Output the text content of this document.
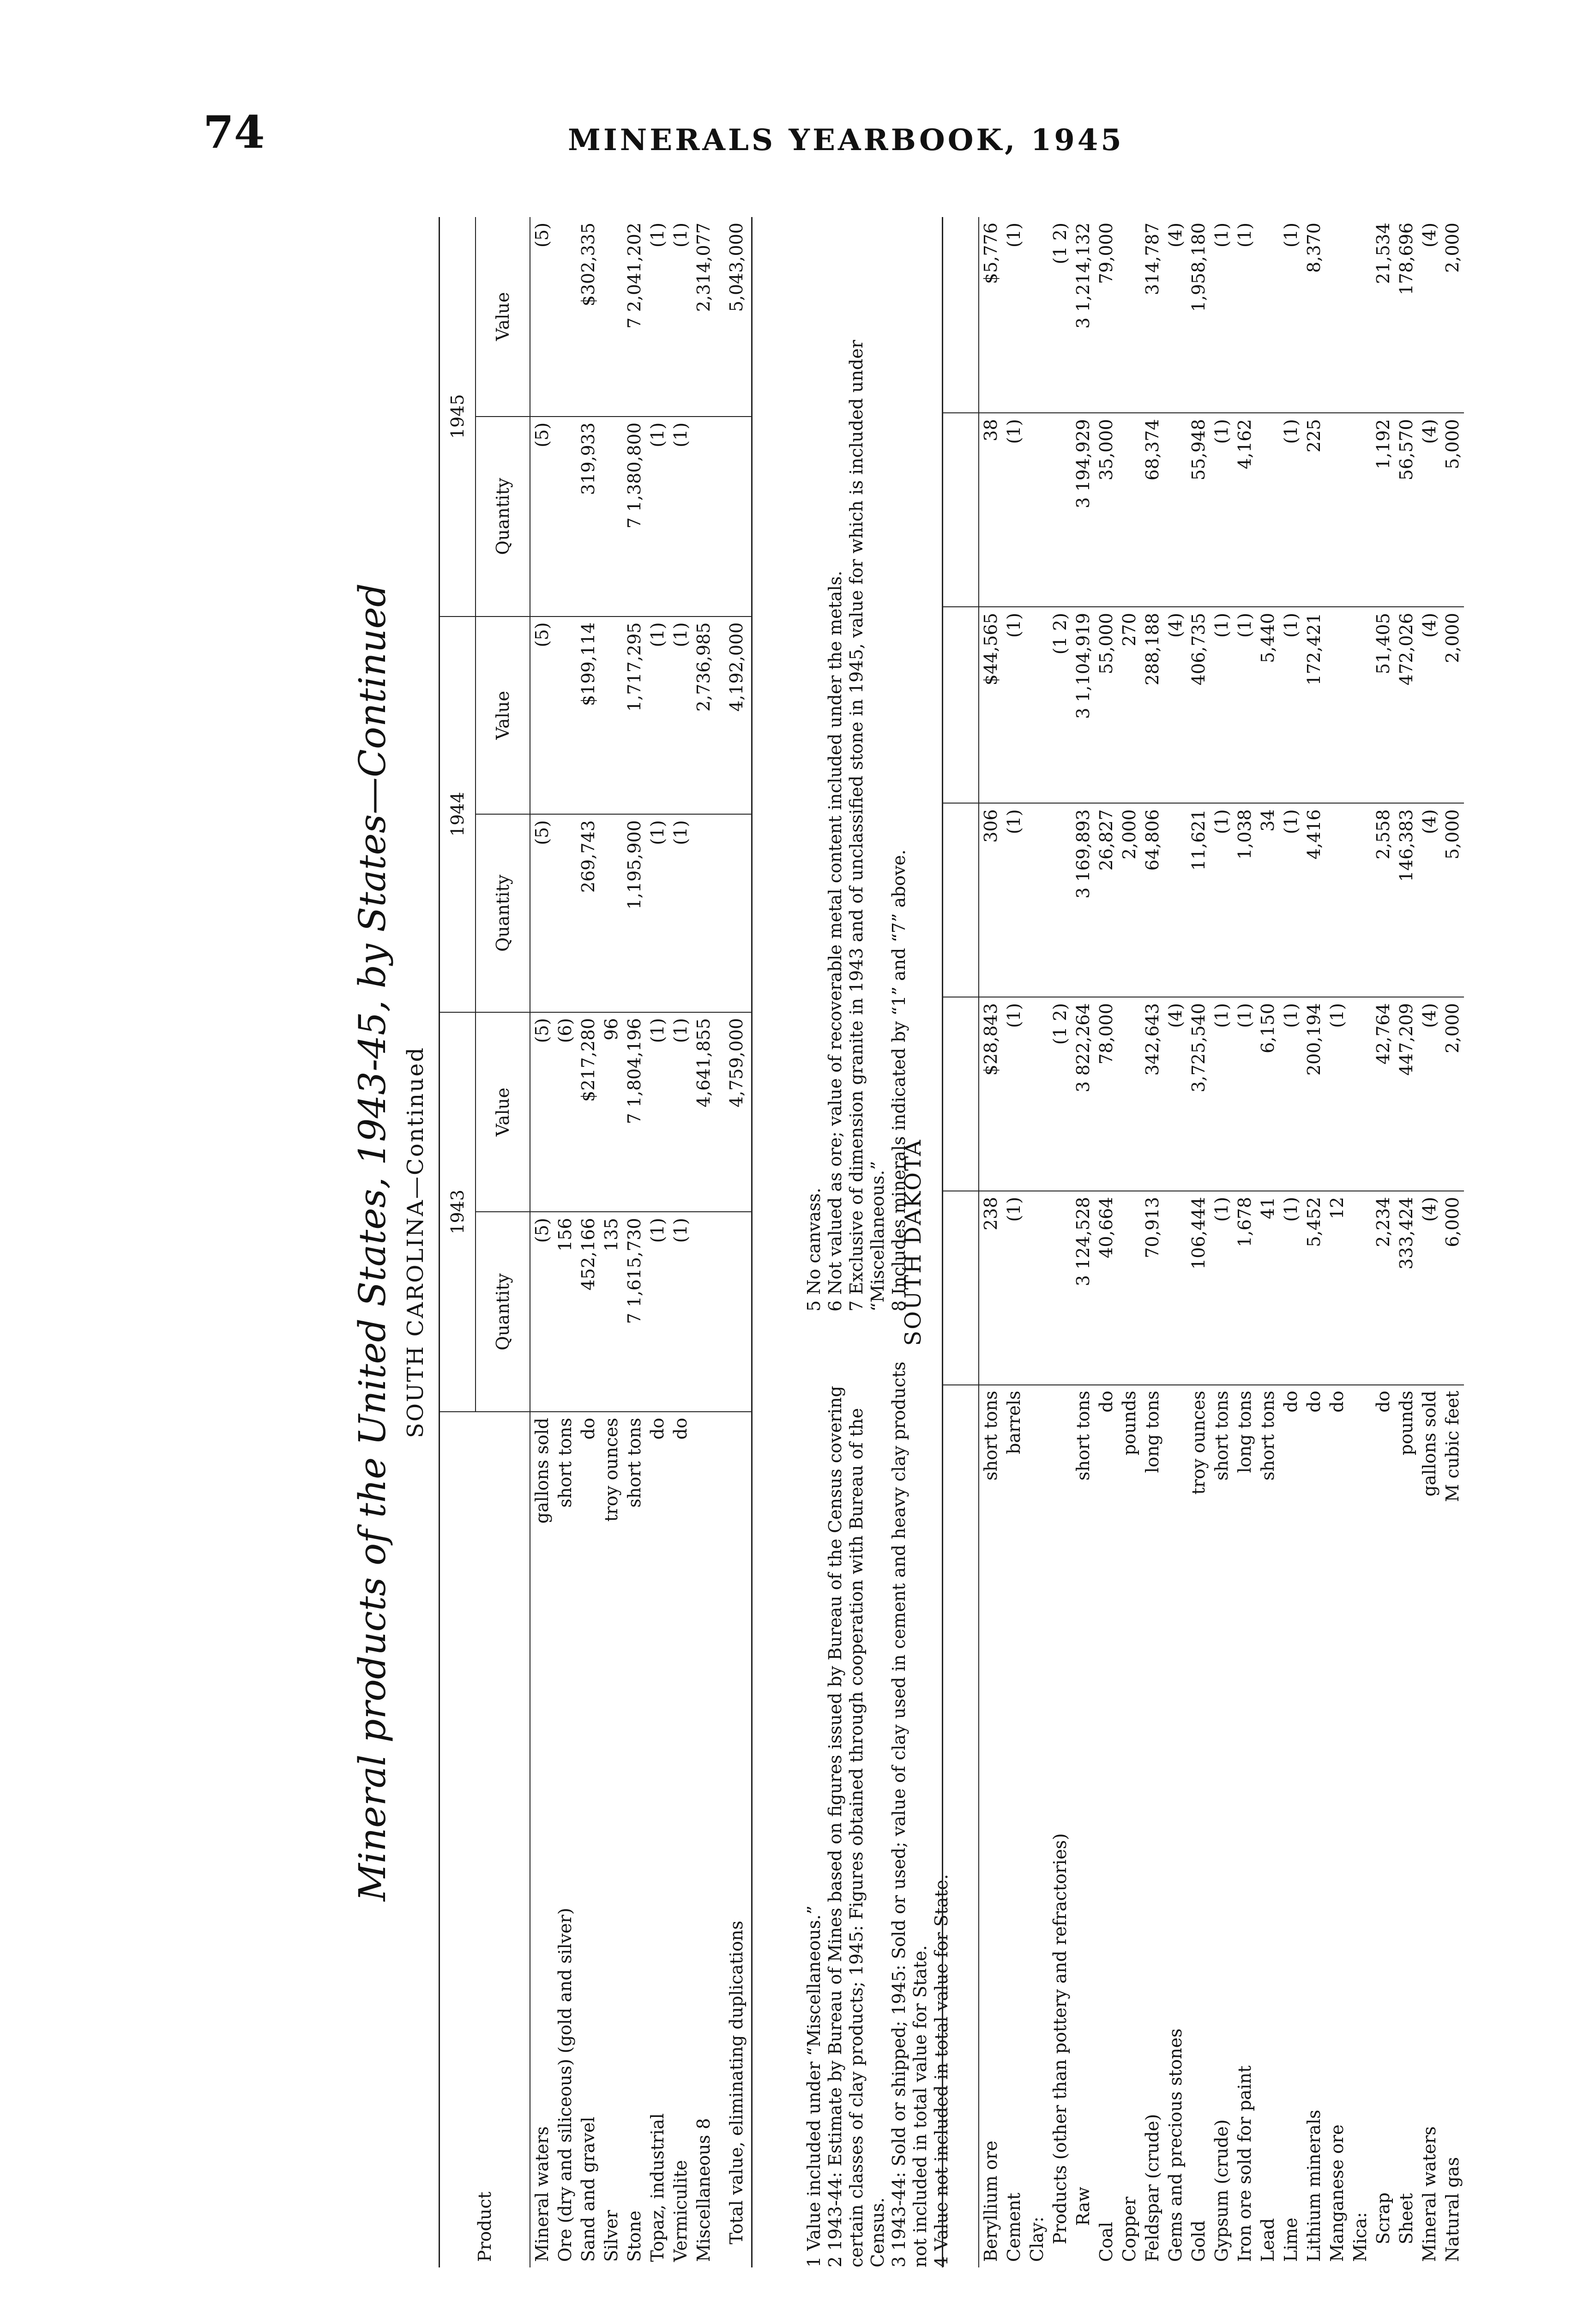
74	MINERALS YEARBOOK, 1945
Mineral products of the United States, 1943-45, by States—Continued SOUTH CAROLINA—Continued
Product		1943		1944		1945	
		Quantity	Value	Quantity	Value	Quantity	Value
Mineral waters	gallons sold	(5)	(5)	(5)	(5)	(5)	(5)
Ore (dry and siliceous) (gold and silver)	short tons	156	(6)				
Sand and gravel	do	452,166	$217,280	269,743	$199,114	319,933	$302,335
Silver	troy ounces	135	96				
Stone	short tons	7 1,615,730	7 1,804,196	1,195,900	1,717,295	7 1,380,800	7 2,041,202
Topaz, industrial	do	(1)	(1)	(1)	(1)	(1)	(1)
Vermiculite	do	(1)	(1)	(1)	(1)	(1)	(1)
Miscellaneous 8			4,641,855		2,736,985		2,314,077
Total value, eliminating duplications			4,759,000		4,192,000		5,043,000

1 Value included under “Miscellaneous.” 2 1943-44: Estimate by Bureau of Mines based on figures issued by Bureau of the Census covering certain classes of clay products; 1945: Figures obtained through cooperation with Bureau of the Census. 3 1943-44: Sold or shipped; 1945: Sold or used; value of clay used in cement and heavy clay products not included in total value for State. 4 Value not included in total value for State.

5 No canvass. 6 Not valued as ore; value of recoverable metal content included under the metals. 7 Exclusive of dimension granite in 1943 and of unclassified stone in 1945, value for which is included under “Miscellaneous.” 8 Includes minerals indicated by “1” and “7” above.

SOUTH DAKOTA

Beryllium ore	short tons	238	$28,843	306	$44,565	38	$5,776
Cement	barrels	(1)	(1)	(1)	(1)	(1)	(1)
Clay:							
Products (other than pottery and refractories)			(1 2)		(1 2)		(1 2)
Raw	short tons	3 124,528	3 822,264	3 169,893	3 1,104,919	3 194,929	3 1,214,132
Coal	do	40,664	78,000	26,827	55,000	35,000	79,000
Copper	pounds			2,000	270		
Feldspar (crude)	long tons	70,913	342,643	64,806	288,188	68,374	314,787
Gems and precious stones			(4)		(4)		(4)
Gold	troy ounces	106,444	3,725,540	11,621	406,735	55,948	1,958,180
Gypsum (crude)	short tons	(1)	(1)	(1)	(1)	(1)	(1)
Iron ore sold for paint	long tons	1,678	(1)	1,038	(1)	4,162	(1)
Lead	short tons	41	6,150	34	5,440		
Lime	do	(1)	(1)	(1)	(1)	(1)	(1)
Lithium minerals	do	5,452	200,194	4,416	172,421	225	8,370
Manganese ore	do	12	(1)				
Mica:							
Scrap	do	2,234	42,764	2,558	51,405	1,192	21,534
Sheet	pounds	333,424	447,209	146,383	472,026	56,570	178,696
Mineral waters	gallons sold	(4)	(4)	(4)	(4)	(4)	(4)
Natural gas	M cubic feet	6,000	2,000	5,000	2,000	5,000	2,000
